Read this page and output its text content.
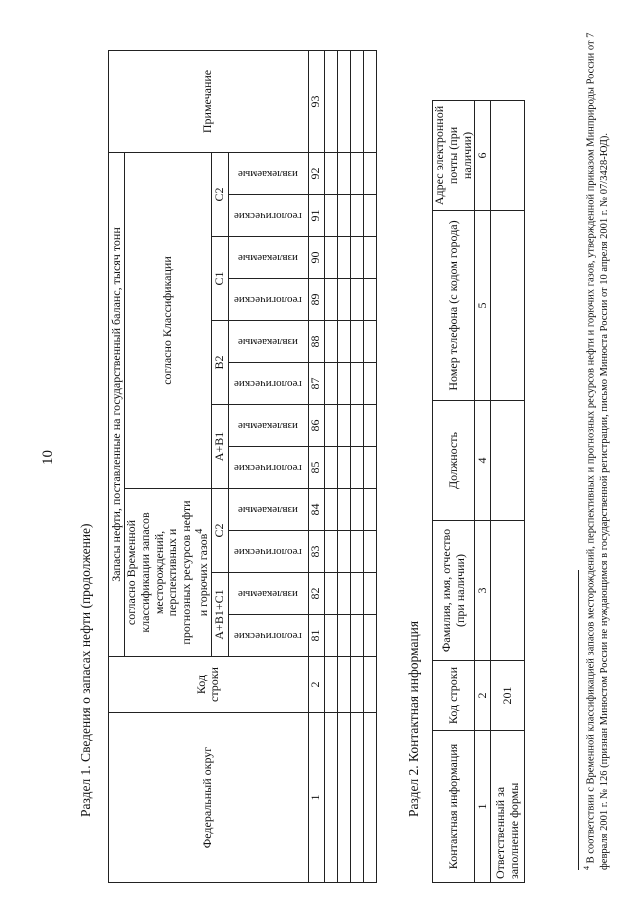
10
Раздел 1. Сведения о запасах нефти (продолжение)	Федеральный округ	Код строки	Запасы нефти, поставленные на государственный баланс, тысяч тонн												Примечание
		согласно Временной классификации запасов месторождений, перспективных и прогнозных ресурсов нефти и горючих газов$^4$				согласно Классификации								
		A+B1+C1		C2		A+B1		B2		C1		C2		

		геологические	извлекаемые	геологические	извлекаемые	геологические	извлекаемые	геологические	извлекаемые	геологические	извлекаемые	геологические	извлекаемые	

1	2	81	82	83	84	85	86	87	88	89	90	91	92	93

Раздел 2. Контактная информация Контактная информация	Код строки	Фамилия, имя, отчество (при наличии)	Должность	Номер телефона (с кодом города)	Адрес электронной почты (при наличии)
1	2	3	4	5	6
Ответственный за заполнение формы	201				
$^4$ В соответствии с Временной классификацией запасов месторождений, перспективных и прогнозных ресурсов нефти и горючих газов, утвержденной приказом Минприроды России от 7 февраля 2001 г. № 126 (признан Минюстом России не нуждающимся в государственной регистрации, письмо Минюста России от 10 апреля 2001 г. № 07/3428-ЮД).
